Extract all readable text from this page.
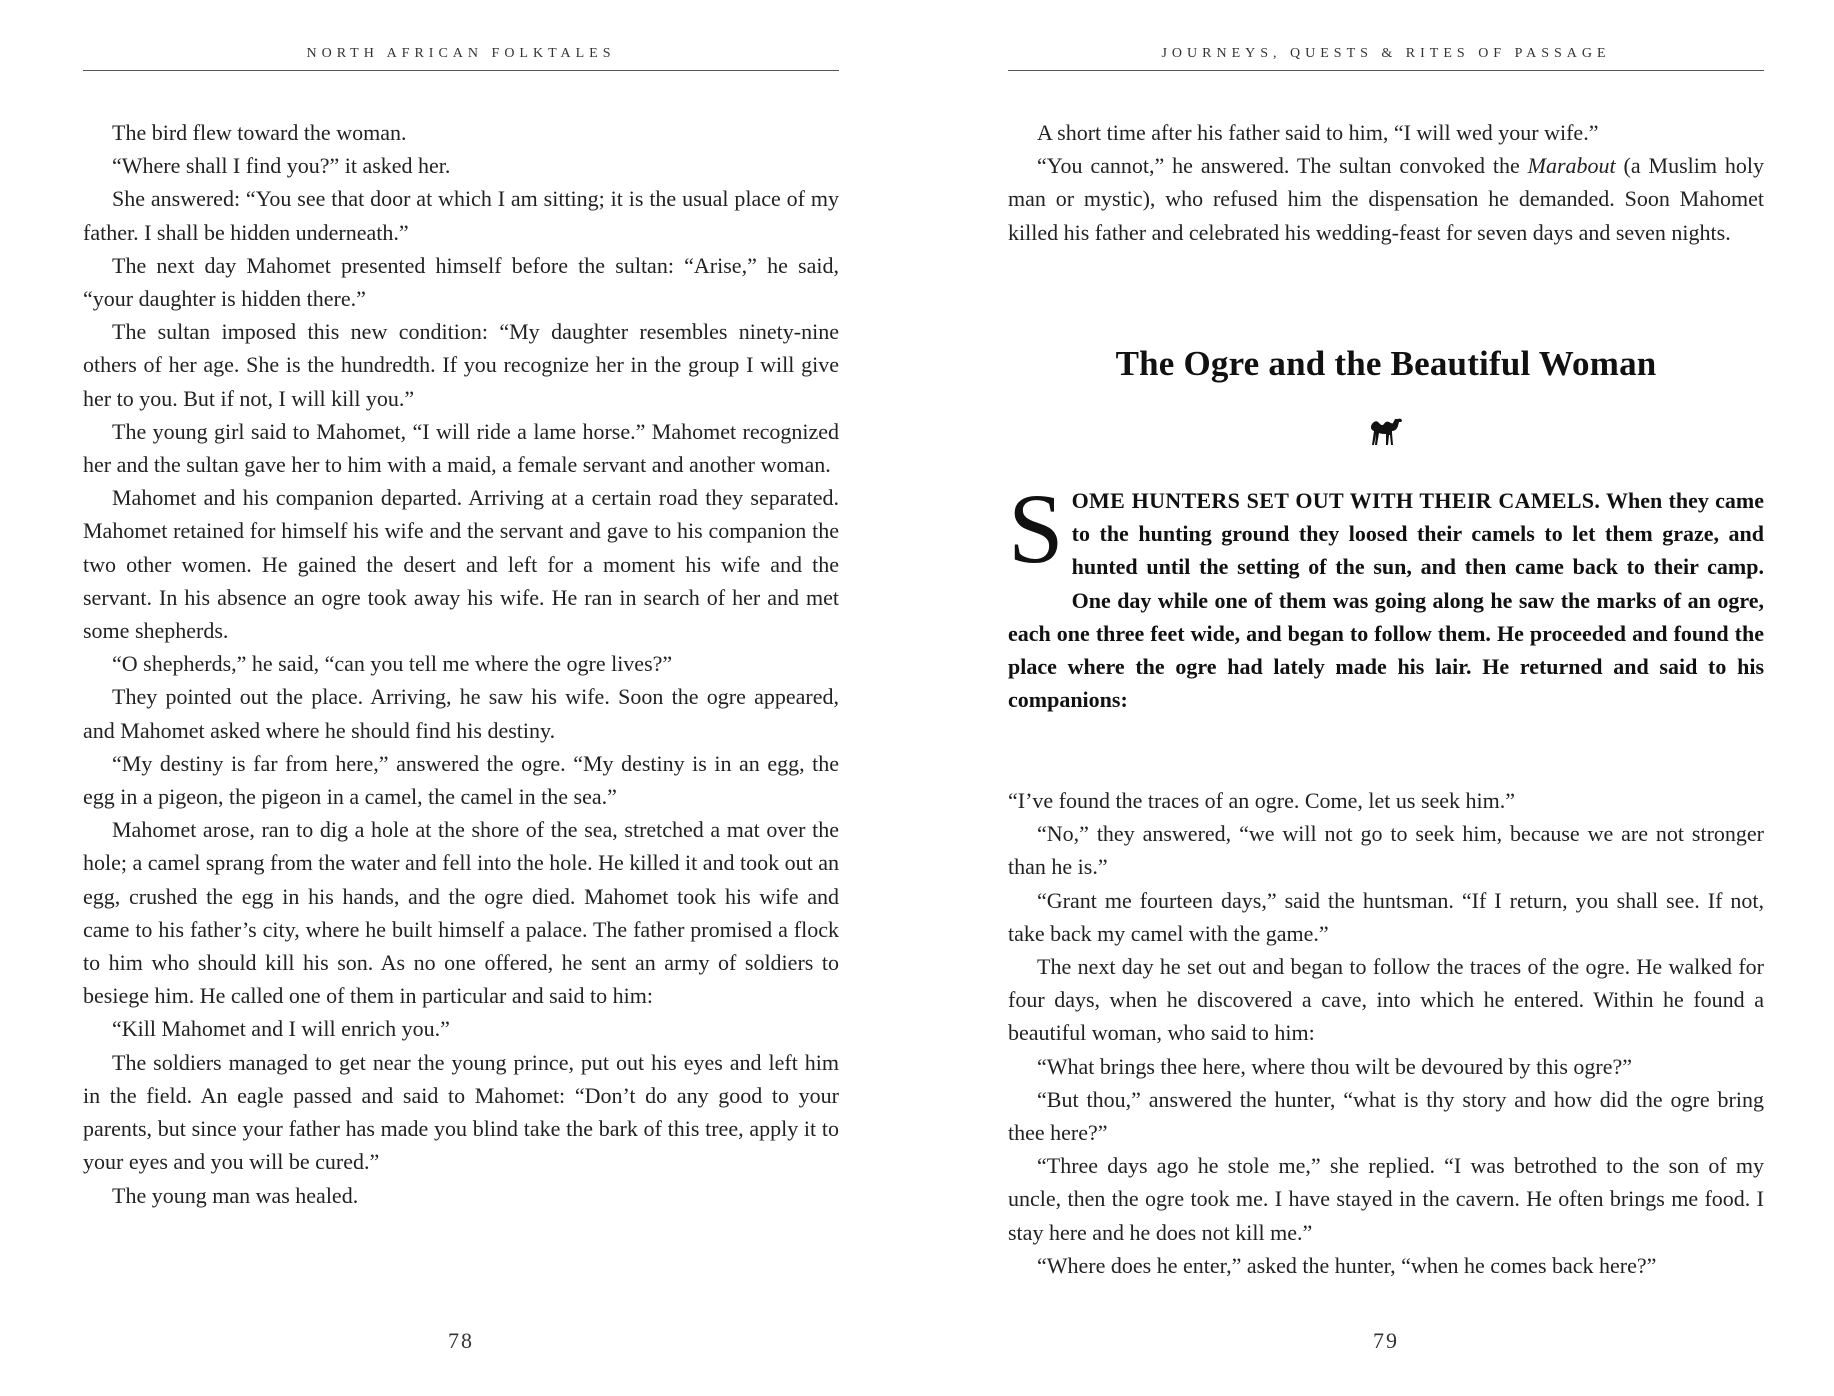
NORTH AFRICAN FOLKTALES

The bird flew toward the woman.

“Where shall I find you?” it asked her.

She answered: “You see that door at which I am sitting; it is the usual place of my father. I shall be hidden underneath.”

The next day Mahomet presented himself before the sultan: “Arise,” he said, “your daughter is hidden there.”

The sultan imposed this new condition: “My daughter resembles ninety-nine others of her age. She is the hundredth. If you recognize her in the group I will give her to you. But if not, I will kill you.”

The young girl said to Mahomet, “I will ride a lame horse.” Mahomet recognized her and the sultan gave her to him with a maid, a female servant and another woman.

Mahomet and his companion departed. Arriving at a certain road they separated. Mahomet retained for himself his wife and the servant and gave to his companion the two other women. He gained the desert and left for a moment his wife and the servant. In his absence an ogre took away his wife. He ran in search of her and met some shepherds.

“O shepherds,” he said, “can you tell me where the ogre lives?”

They pointed out the place. Arriving, he saw his wife. Soon the ogre appeared, and Mahomet asked where he should find his destiny.

“My destiny is far from here,” answered the ogre. “My destiny is in an egg, the egg in a pigeon, the pigeon in a camel, the camel in the sea.”

Mahomet arose, ran to dig a hole at the shore of the sea, stretched a mat over the hole; a camel sprang from the water and fell into the hole. He killed it and took out an egg, crushed the egg in his hands, and the ogre died. Mahomet took his wife and came to his father’s city, where he built himself a palace. The father promised a flock to him who should kill his son. As no one offered, he sent an army of soldiers to besiege him. He called one of them in particular and said to him:

“Kill Mahomet and I will enrich you.”

The soldiers managed to get near the young prince, put out his eyes and left him in the field. An eagle passed and said to Mahomet: “Don’t do any good to your parents, but since your father has made you blind take the bark of this tree, apply it to your eyes and you will be cured.”

The young man was healed.

78
JOURNEYS, QUESTS & RITES OF PASSAGE

A short time after his father said to him, “I will wed your wife.”

“You cannot,” he answered. The sultan convoked the Marabout (a Muslim holy man or mystic), who refused him the dispensation he demanded. Soon Mahomet killed his father and celebrated his wedding-feast for seven days and seven nights.

The Ogre and the Beautiful Woman
SOME HUNTERS SET OUT WITH THEIR CAMELS. When they came to the hunting ground they loosed their camels to let them graze, and hunted until the setting of the sun, and then came back to their camp. One day while one of them was going along he saw the marks of an ogre, each one three feet wide, and began to follow them. He proceeded and found the place where the ogre had lately made his lair. He returned and said to his companions:

“I’ve found the traces of an ogre. Come, let us seek him.”

“No,” they answered, “we will not go to seek him, because we are not stronger than he is.”

“Grant me fourteen days,” said the huntsman. “If I return, you shall see. If not, take back my camel with the game.”

The next day he set out and began to follow the traces of the ogre. He walked for four days, when he discovered a cave, into which he entered. Within he found a beautiful woman, who said to him:

“What brings thee here, where thou wilt be devoured by this ogre?”

“But thou,” answered the hunter, “what is thy story and how did the ogre bring thee here?”

“Three days ago he stole me,” she replied. “I was betrothed to the son of my uncle, then the ogre took me. I have stayed in the cavern. He often brings me food. I stay here and he does not kill me.”

“Where does he enter,” asked the hunter, “when he comes back here?”

79
